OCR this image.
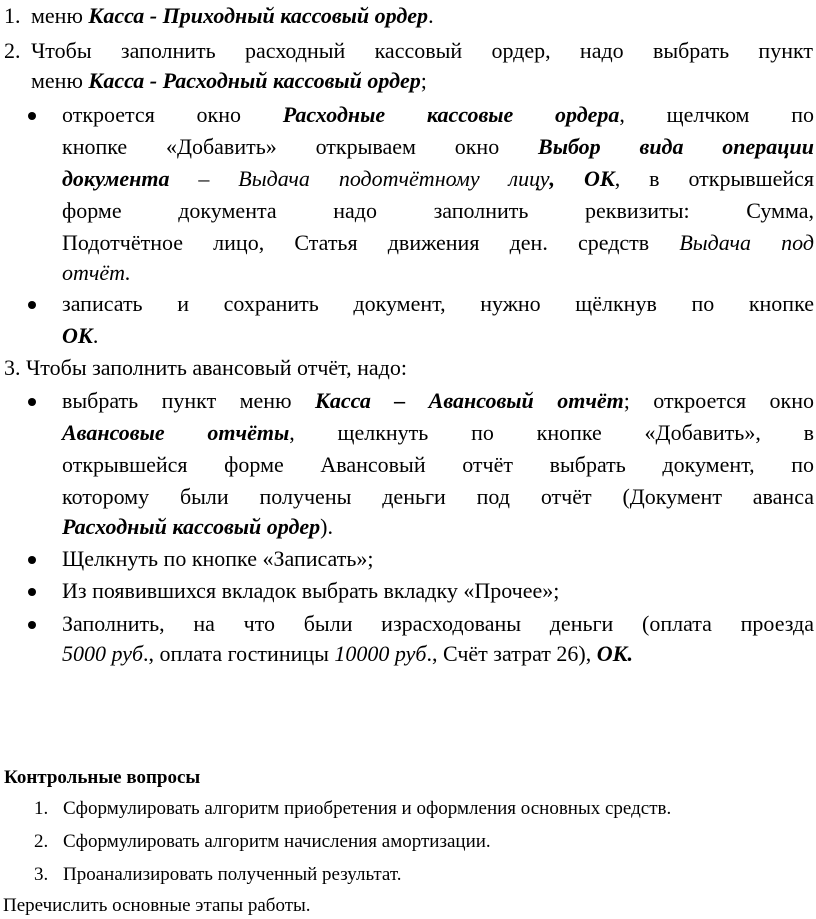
1. меню Касса - Приходный кассовый ордер.

2. Чтобы заполнить расходный кассовый ордер, надо выбрать пункт

меню Касса - Расходный кассовый ордер;

откроется окно Расходные кассовые ордера, щелчком по

кнопке «Добавить» открываем окно Выбор вида операции

документа – Выдача подотчётному лицу, ОК, в открывшейся

форме документа надо заполнить реквизиты: Сумма,

Подотчётное лицо, Статья движения ден. средств Выдача под

отчёт.

записать и сохранить документ, нужно щёлкнув по кнопке

ОК.

3. Чтобы заполнить авансовый отчёт, надо:

выбрать пункт меню Касса – Авансовый отчёт; откроется окно

Авансовые отчёты, щелкнуть по кнопке «Добавить», в

открывшейся форме Авансовый отчёт выбрать документ, по

которому были получены деньги под отчёт (Документ аванса

Расходный кассовый ордер).

Щелкнуть по кнопке «Записать»;

Из появившихся вкладок выбрать вкладку «Прочее»;

Заполнить, на что были израсходованы деньги (оплата проезда

5000 руб., оплата гостиницы 10000 руб., Счёт затрат 26), ОК.

Контрольные вопросы
1. Сформулировать алгоритм приобретения и оформления основных средств.
2. Сформулировать алгоритм начисления амортизации.
3. Проанализировать полученный результат.
Перечислить основные этапы работы.
